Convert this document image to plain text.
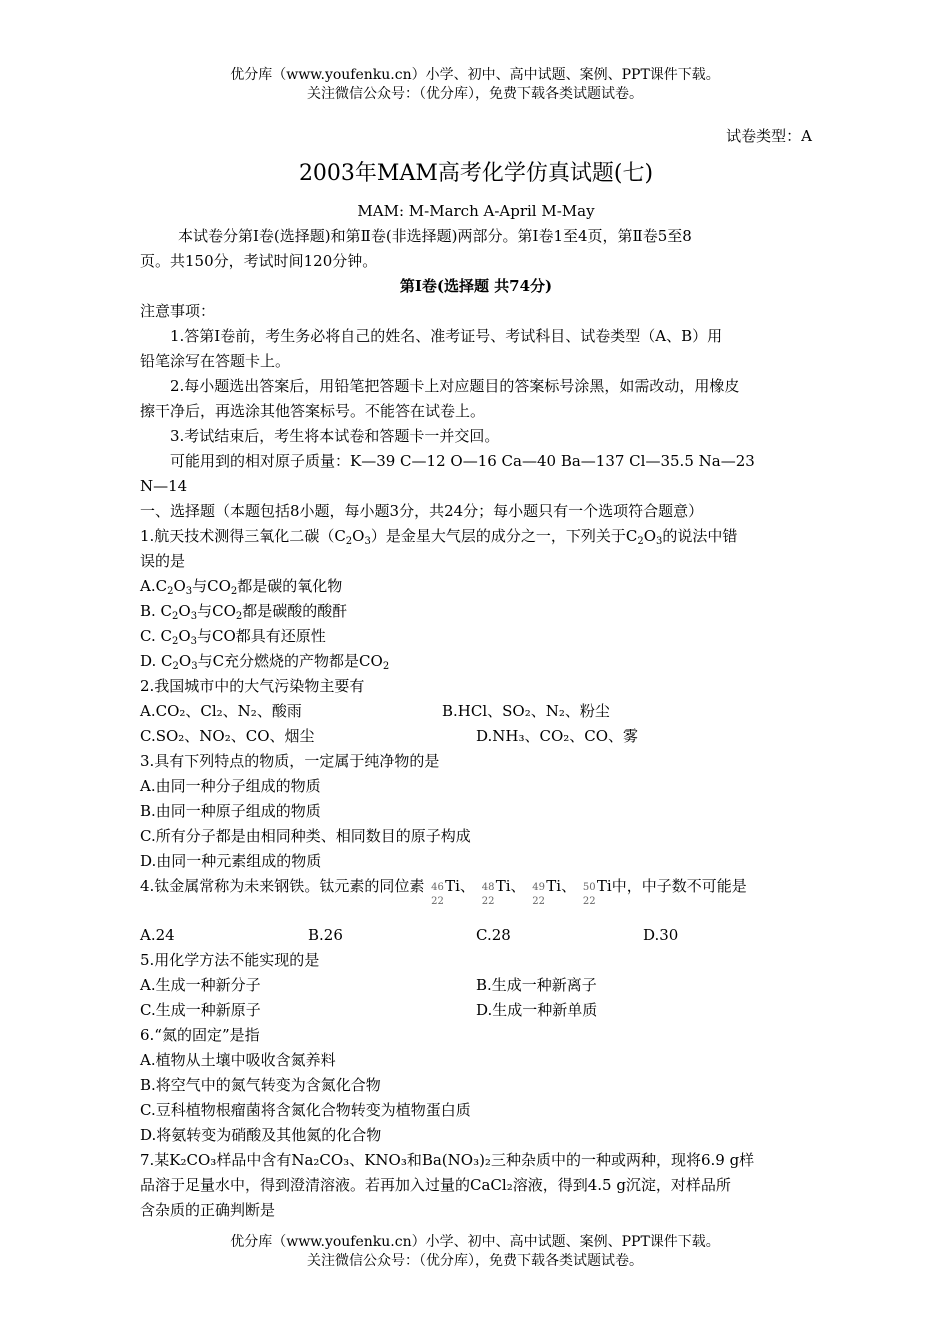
优分库（www.youfenku.cn）小学、初中、高中试题、案例、PPT课件下载。
关注微信公众号：（优分库），免费下载各类试题试卷。
试卷类型：A
2003年MAM高考化学仿真试题(七)
MAM: M-March A-April M-May
本试卷分第Ⅰ卷(选择题)和第Ⅱ卷(非选择题)两部分。第Ⅰ卷1至4页，第Ⅱ卷5至8
页。共150分，考试时间120分钟。
第Ⅰ卷(选择题 共74分)
注意事项：
1.答第Ⅰ卷前，考生务必将自己的姓名、准考证号、考试科目、试卷类型（A、B）用
铅笔涂写在答题卡上。
2.每小题选出答案后，用铅笔把答题卡上对应题目的答案标号涂黑，如需改动，用橡皮
擦干净后，再选涂其他答案标号。不能答在试卷上。
3.考试结束后，考生将本试卷和答题卡一并交回。
可能用到的相对原子质量：K—39 C—12 O—16 Ca—40 Ba—137 Cl—35.5 Na—23
N—14
一、选择题（本题包括8小题，每小题3分，共24分；每小题只有一个选项符合题意）
1.航天技术测得三氧化二碳$(C_2O_3)$是金星大气层的成分之一，下列关于$C_2O_3$的说法中错
误的是
$A.C_2O_3$与$CO_2$都是碳的氧化物
B. $C_2O_3$与$CO_2$都是碳酸的酸酐
C. $C_2O_3$与CO都具有还原性
D. $C_2O_3$与C充分燃烧的产物都是$CO_2$
2.我国城市中的大气污染物主要有
A.CO₂、Cl₂、N₂、酸雨	B.HCl、SO₂、N₂、粉尘
C.SO₂、NO₂、CO、烟尘	D.NH₃、CO₂、CO、雾
3.具有下列特点的物质，一定属于纯净物的是
A.由同一种分子组成的物质
B.由同一种原子组成的物质
C.所有分子都是由相同种类、相同数目的原子构成
D.由同一种元素组成的物质
4.钛金属常称为未来钢铁。钛元素的同位素 46
22
Ti、 48
22
Ti、 49
22
Ti、 50
22
Ti中，中子数不可能是
A.24	B.26	C.28	D.30
5.用化学方法不能实现的是
A.生成一种新分子	B.生成一种新离子
C.生成一种新原子	D.生成一种新单质
6.“氮的固定”是指
A.植物从土壤中吸收含氮养料
B.将空气中的氮气转变为含氮化合物
C.豆科植物根瘤菌将含氮化合物转变为植物蛋白质
D.将氨转变为硝酸及其他氮的化合物
7.某K₂CO₃样品中含有Na₂CO₃、KNO₃和Ba(NO₃)₂三种杂质中的一种或两种，现将6.9 g样
品溶于足量水中，得到澄清溶液。若再加入过量的CaCl₂溶液，得到4.5 g沉淀，对样品所
含杂质的正确判断是
优分库（www.youfenku.cn）小学、初中、高中试题、案例、PPT课件下载。
关注微信公众号：（优分库），免费下载各类试题试卷。
